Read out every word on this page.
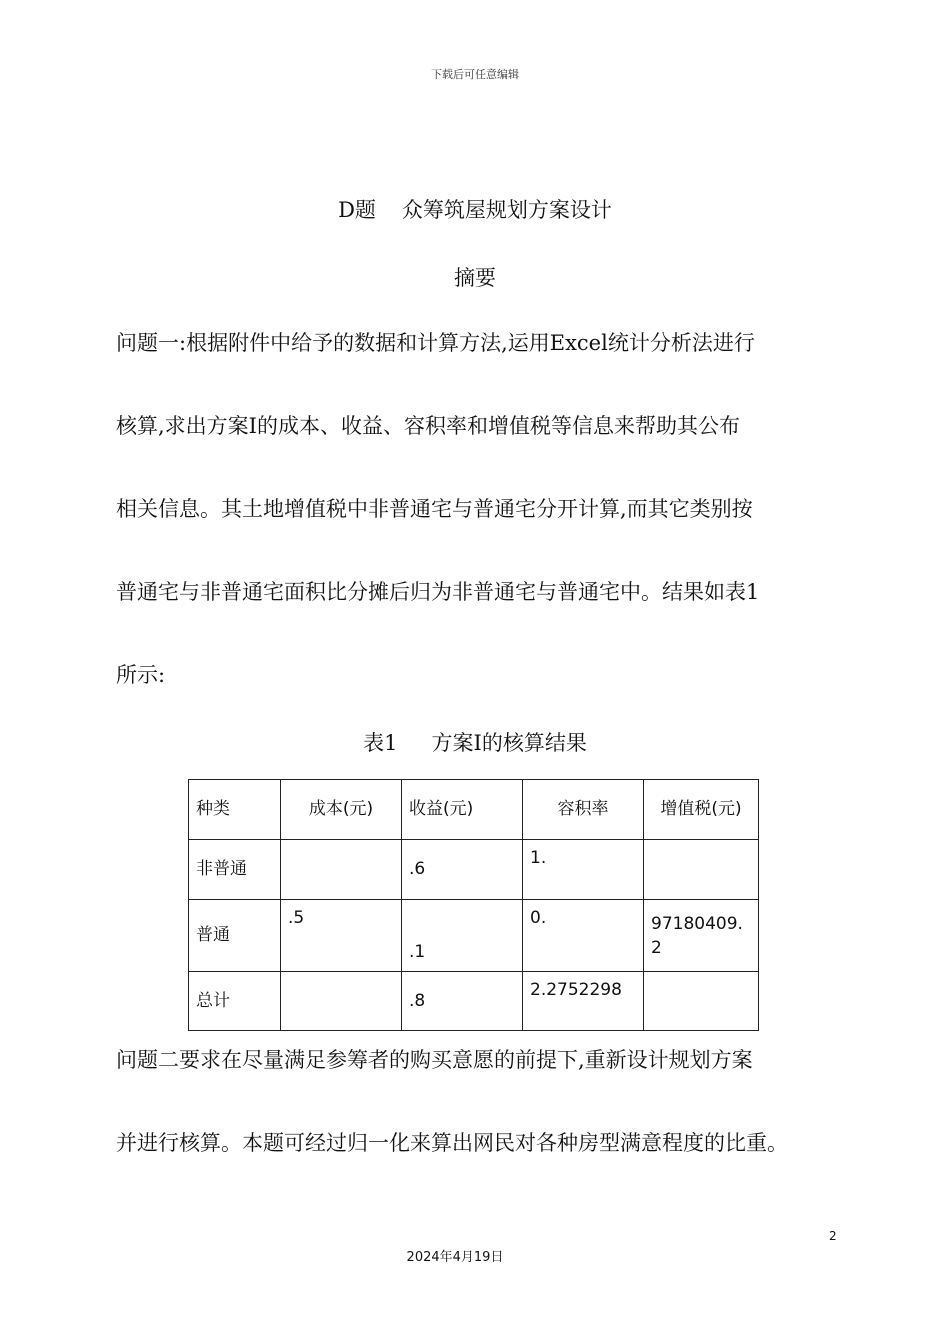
下载后可任意编辑
D题 众筹筑屋规划方案设计
摘要
问题一:根据附件中给予的数据和计算方法,运用Excel统计分析法进行
核算,求出方案Ⅰ的成本、收益、容积率和增值税等信息来帮助其公布
相关信息。其土地增值税中非普通宅与普通宅分开计算,而其它类别按
普通宅与非普通宅面积比分摊后归为非普通宅与普通宅中。结果如表1
所示:
表1 方案Ⅰ的核算结果
种类	成本(元)	收益(元)	容积率	增值税(元)
非普通		.6	1.	
普通	.5	.1	0.	97180409.2
总计		.8	2.2752298	
问题二要求在尽量满足参筹者的购买意愿的前提下,重新设计规划方案
并进行核算。本题可经过归一化来算出网民对各种房型满意程度的比重。
2
2024年4月19日
